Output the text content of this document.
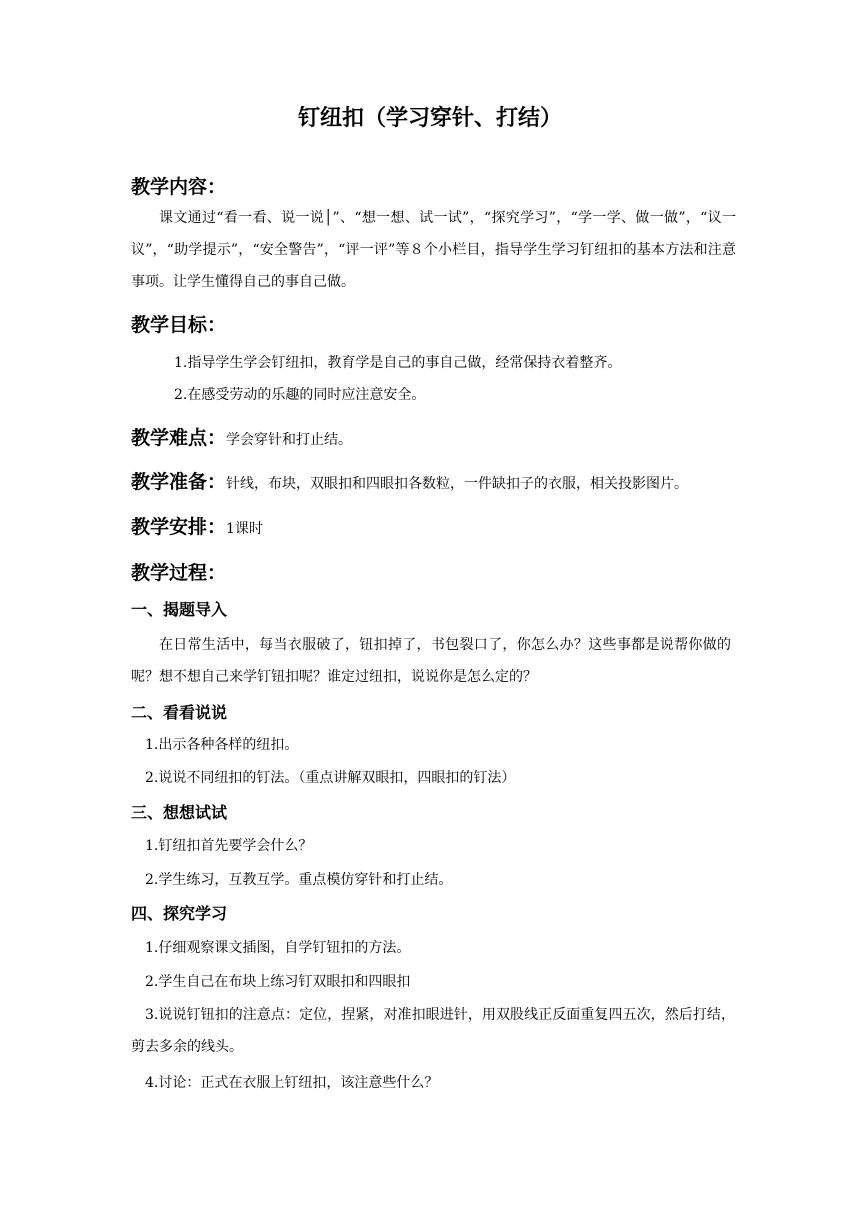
钉纽扣（学习穿针、打结）
教学内容：
课文通过“看一看、说一说│”、“想一想、试一试”，“探究学习”，“学一学、做一做”，“议一议”，“助学提示”，“安全警告”，“评一评”等８个小栏目，指导学生学习钉纽扣的基本方法和注意事项。让学生懂得自己的事自己做。
教学目标：
1.指导学生学会钉纽扣，教育学是自己的事自己做，经常保持衣着整齐。
2.在感受劳动的乐趣的同时应注意安全。
教学难点：学会穿针和打止结。
教学准备：针线，布块，双眼扣和四眼扣各数粒，一件缺扣子的衣服，相关投影图片。
教学安排：1课时
教学过程：
一、揭题导入
在日常生活中，每当衣服破了，钮扣掉了，书包裂口了，你怎么办？这些事都是说帮你做的呢？想不想自己来学钉钮扣呢？谁定过纽扣，说说你是怎么定的？
二、看看说说
1.出示各种各样的纽扣。
2.说说不同纽扣的钉法。（重点讲解双眼扣，四眼扣的钉法）
三、想想试试
1.钉纽扣首先要学会什么？
2.学生练习，互教互学。重点模仿穿针和打止结。
四、探究学习
1.仔细观察课文插图，自学钉钮扣的方法。
2.学生自己在布块上练习钉双眼扣和四眼扣
3.说说钉钮扣的注意点：定位，捏紧，对准扣眼进针，用双股线正反面重复四五次，然后打结，剪去多余的线头。
4.讨论：正式在衣服上钉纽扣，该注意些什么？
